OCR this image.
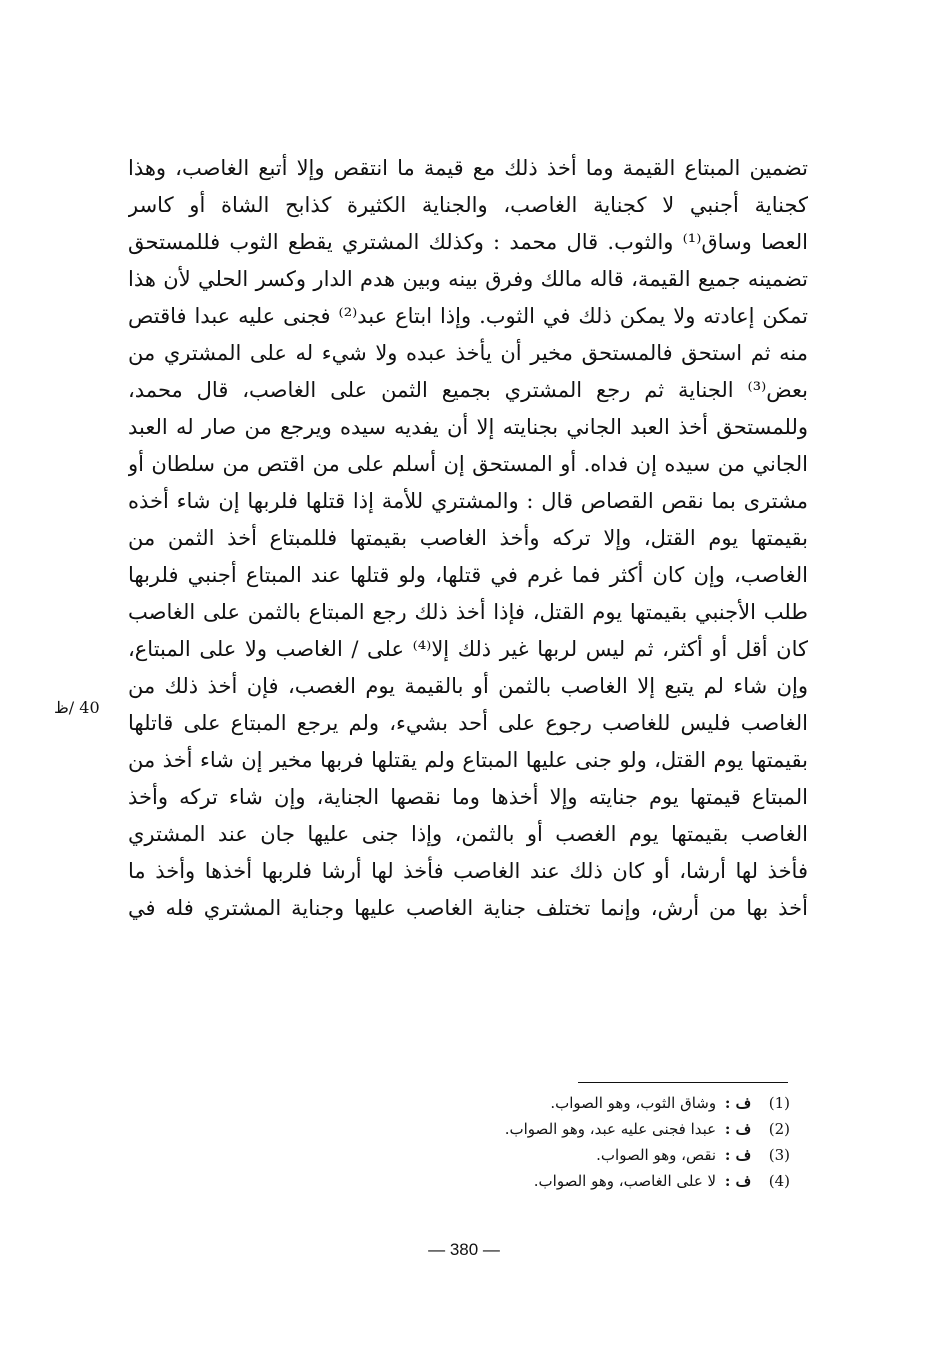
تضمين المبتاع القيمة وما أخذ ذلك مع قيمة ما انتقص وإلا أتبع الغاصب، وهذا
كجناية أجنبي لا كجناية الغاصب، والجناية الكثيرة كذابح الشاة أو كاسر
العصا وساق⁽¹⁾ والثوب. قال محمد : وكذلك المشتري يقطع الثوب فللمستحق
تضمينه جميع القيمة، قاله مالك وفرق بينه وبين هدم الدار وكسر الحلي لأن هذا
تمكن إعادته ولا يمكن ذلك في الثوب. وإذا ابتاع عبد⁽²⁾ فجنى عليه عبدا فاقتص
منه ثم استحق فالمستحق مخير أن يأخذ عبده ولا شيء له على المشتري من
بعض⁽³⁾ الجناية ثم رجع المشتري بجميع الثمن على الغاصب، قال محمد،
وللمستحق أخذ العبد الجاني بجنايته إلا أن يفديه سيده ويرجع من صار له العبد
الجاني من سيده إن فداه. أو المستحق إن أسلم على من اقتص من سلطان أو
مشترى بما نقص القصاص قال : والمشتري للأمة إذا قتلها فلربها إن شاء أخذه
بقيمتها يوم القتل، وإلا تركه وأخذ الغاصب بقيمتها فللمبتاع أخذ الثمن من
الغاصب، وإن كان أكثر فما غرم في قتلها، ولو قتلها عند المبتاع أجنبي فلربها
طلب الأجنبي بقيمتها يوم القتل، فإذا أخذ ذلك رجع المبتاع بالثمن على الغاصب
كان أقل أو أكثر، ثم ليس لربها غير ذلك إلا⁽⁴⁾ على / الغاصب ولا على المبتاع،
وإن شاء لم يتبع إلا الغاصب بالثمن أو بالقيمة يوم الغصب، فإن أخذ ذلك من
الغاصب فليس للغاصب رجوع على أحد بشيء، ولم يرجع المبتاع على قاتلها
بقيمتها يوم القتل، ولو جنى عليها المبتاع ولم يقتلها فربها مخير إن شاء أخذ من
المبتاع قيمتها يوم جنايته وإلا أخذها وما نقصها الجناية، وإن شاء تركه وأخذ
الغاصب بقيمتها يوم الغصب أو بالثمن، وإذا جنى عليها جان عند المشتري
فأخذ لها أرشا، أو كان ذلك عند الغاصب فأخذ لها أرشا فلربها أخذها وأخذ ما
أخذ بها من أرش، وإنما تختلف جناية الغاصب عليها وجناية المشتري فله في
40 /ظ
(1) ف : وشاق الثوب، وهو الصواب.
(2) ف : عبدا فجنى عليه عبد، وهو الصواب.
(3) ف : نقص، وهو الصواب.
(4) ف : لا على الغاصب، وهو الصواب.
— 380 —
